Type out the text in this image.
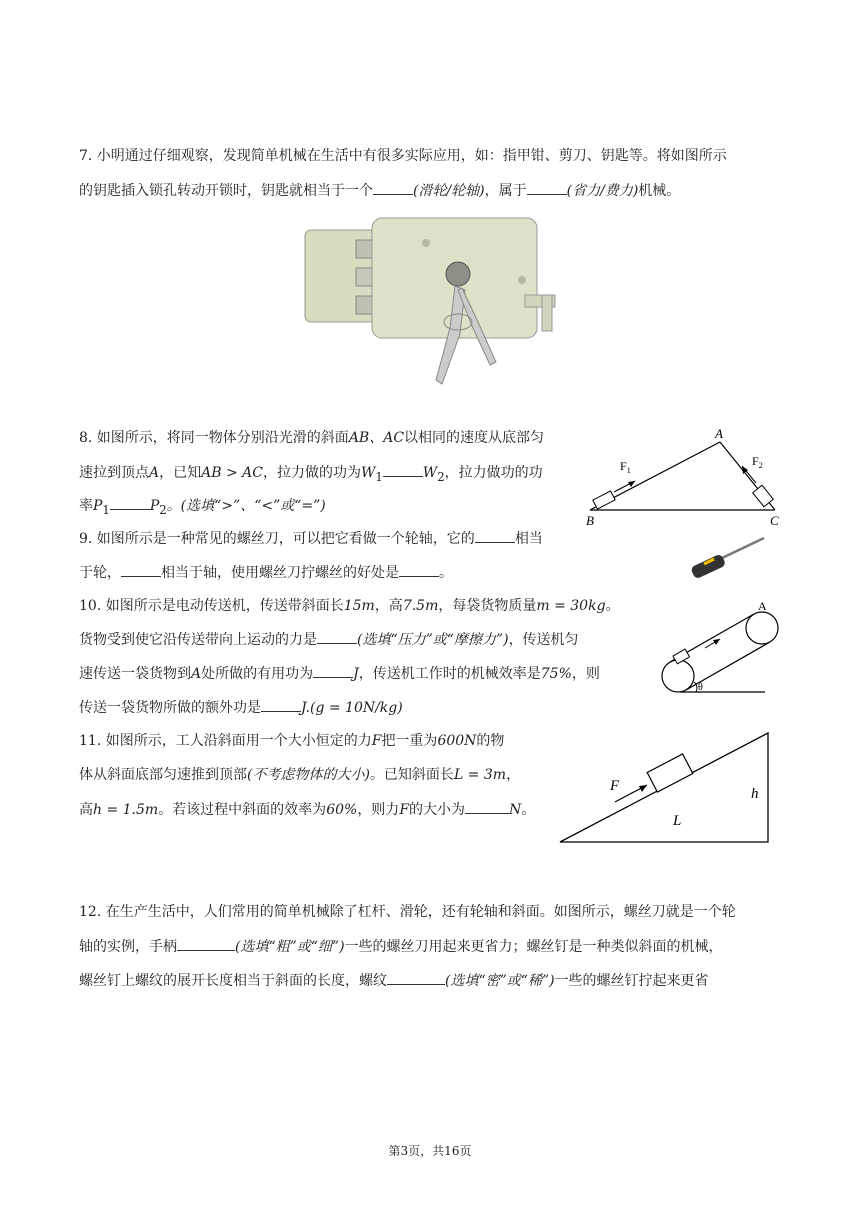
7. 小明通过仔细观察，发现简单机械在生活中有很多实际应用，如：指甲钳、剪刀、钥匙等。将如图所示
的钥匙插入锁孔转动开锁时，钥匙就相当于一个	(滑轮/轮轴)，属于	(省力/费力)机械。
8. 如图所示，将同一物体分别沿光滑的斜面AB、AC以相同的速度从底部匀
速拉到顶点A，已知AB > AC，拉力做的功为$W_1$	$W_2$，拉力做功的功
率$P_1$	$P_2$。(选填“>”、“<”或“=”)
A
B	C
$F_1$
$F_2$
9. 如图所示是一种常见的螺丝刀，可以把它看做一个轮轴，它的	相当
于轮，	相当于轴，使用螺丝刀拧螺丝的好处是	。
10. 如图所示是电动传送机，传送带斜面长15m，高7.5m，每袋货物质量m = 30kg。
货物受到使它沿传送带向上运动的力是	(选填“压力”或“摩擦力”)，传送机匀
速传送一袋货物到A处所做的有用功为	J，传送机工作时的机械效率是75%，则
传送一袋货物所做的额外功是	J.(g = 10N/kg)
θ
A
11. 如图所示，工人沿斜面用一个大小恒定的力F把一重为600N的物
体从斜面底部匀速推到顶部(不考虑物体的大小)。已知斜面长L = 3m，
高h = 1.5m。若该过程中斜面的效率为60%，则力F的大小为	N。
F
L
h
12. 在生产生活中，人们常用的简单机械除了杠杆、滑轮，还有轮轴和斜面。如图所示，螺丝刀就是一个轮
轴的实例，手柄	(选填“粗”或“细”)一些的螺丝刀用起来更省力；螺丝钉是一种类似斜面的机械，
螺丝钉上螺纹的展开长度相当于斜面的长度，螺纹	(选填“密”或“稀”)一些的螺丝钉拧起来更省
第3页，共16页
